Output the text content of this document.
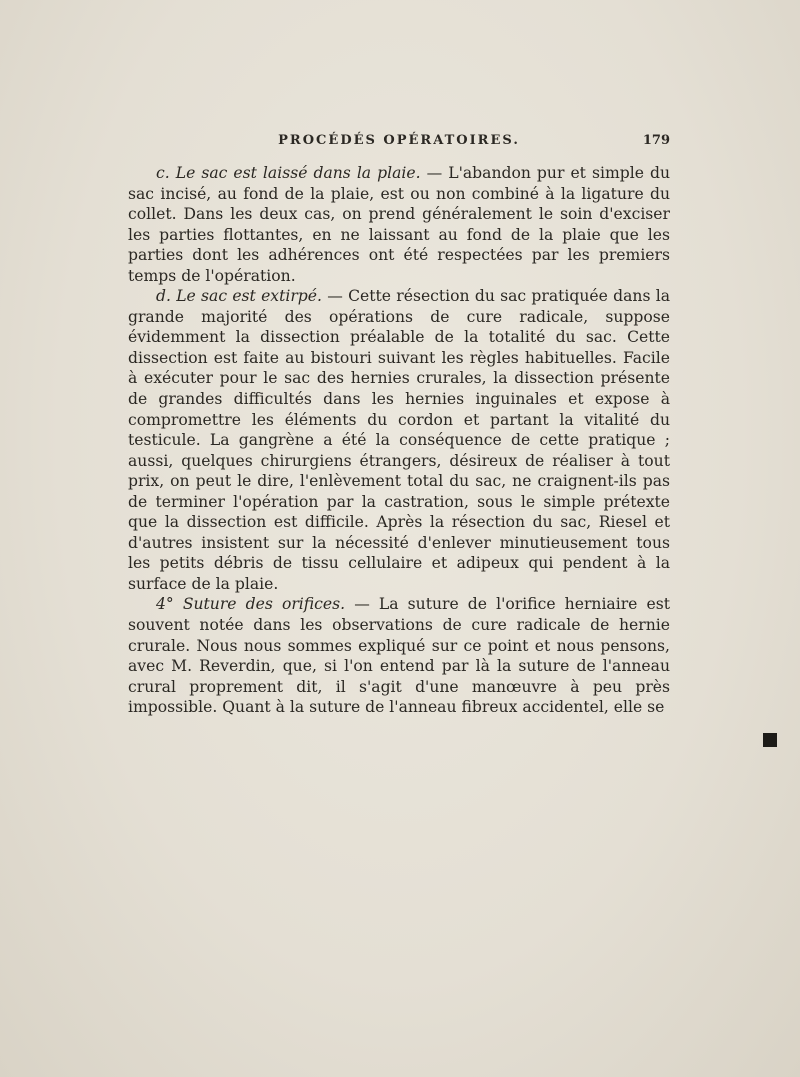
PROCÉDÉS OPÉRATOIRES.	179

c. Le sac est laissé dans la plaie. — L'abandon pur et simple du sac incisé, au fond de la plaie, est ou non combiné à la ligature du collet. Dans les deux cas, on prend généralement le soin d'exciser les parties flottantes, en ne laissant au fond de la plaie que les parties dont les adhérences ont été respectées par les premiers temps de l'opération.

d. Le sac est extirpé. — Cette résection du sac pratiquée dans la grande majorité des opérations de cure radicale, suppose évidemment la dissection préalable de la totalité du sac. Cette dissection est faite au bistouri suivant les règles habituelles. Facile à exécuter pour le sac des hernies crurales, la dissection présente de grandes difficultés dans les hernies inguinales et expose à compromettre les éléments du cordon et partant la vitalité du testicule. La gangrène a été la conséquence de cette pratique ; aussi, quelques chirurgiens étrangers, désireux de réaliser à tout prix, on peut le dire, l'enlèvement total du sac, ne craignent-ils pas de terminer l'opération par la castration, sous le simple prétexte que la dissection est difficile. Après la résection du sac, Riesel et d'autres insistent sur la nécessité d'enlever minutieusement tous les petits débris de tissu cellulaire et adipeux qui pendent à la surface de la plaie.

4° Suture des orifices. — La suture de l'orifice herniaire est souvent notée dans les observations de cure radicale de hernie crurale. Nous nous sommes expliqué sur ce point et nous pensons, avec M. Reverdin, que, si l'on entend par là la suture de l'anneau crural proprement dit, il s'agit d'une manœuvre à peu près impossible. Quant à la suture de l'anneau fibreux accidentel, elle se
